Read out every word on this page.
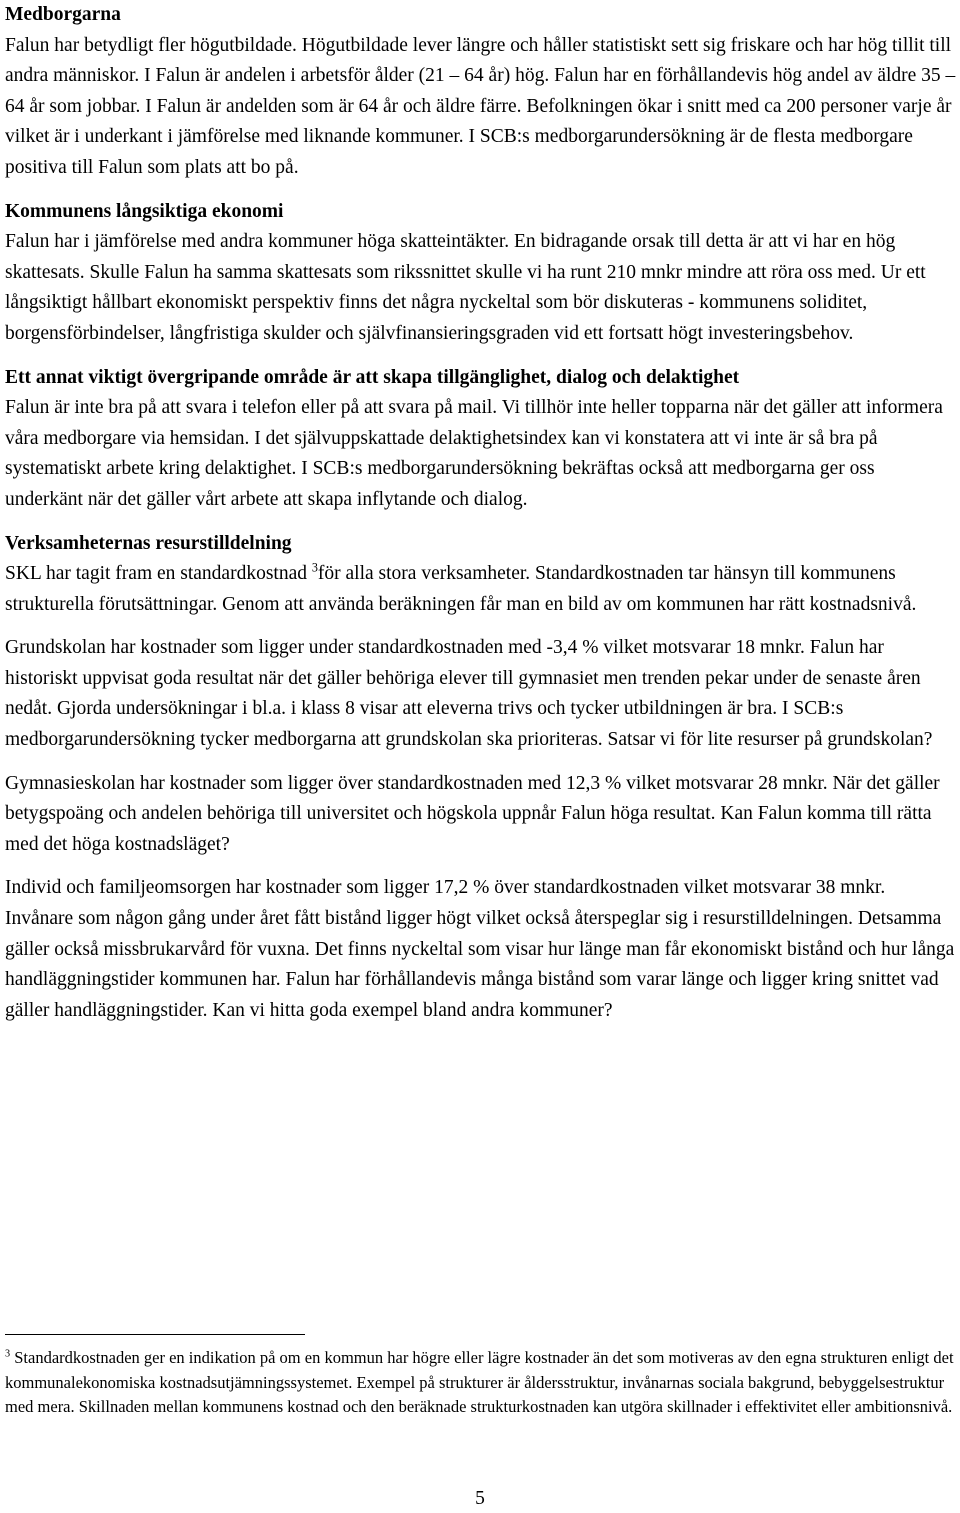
Medborgarna
Falun har betydligt fler högutbildade. Högutbildade lever längre och håller statistiskt sett sig friskare och har hög tillit till andra människor. I Falun är andelen i arbetsför ålder (21 – 64 år) hög. Falun har en förhållandevis hög andel av äldre 35 – 64 år som jobbar. I Falun är andelden som är 64 år och äldre färre. Befolkningen ökar i snitt med ca 200 personer varje år vilket är i underkant i jämförelse med liknande kommuner. I SCB:s medborgarundersökning är de flesta medborgare positiva till Falun som plats att bo på.
Kommunens långsiktiga ekonomi
Falun har i jämförelse med andra kommuner höga skatteintäkter. En bidragande orsak till detta är att vi har en hög skattesats. Skulle Falun ha samma skattesats som rikssnittet skulle vi ha runt 210 mnkr mindre att röra oss med. Ur ett långsiktigt hållbart ekonomiskt perspektiv finns det några nyckeltal som bör diskuteras - kommunens soliditet, borgensförbindelser, långfristiga skulder och självfinansieringsgraden vid ett fortsatt högt investeringsbehov.
Ett annat viktigt övergripande område är att skapa tillgänglighet, dialog och delaktighet
Falun är inte bra på att svara i telefon eller på att svara på mail. Vi tillhör inte heller topparna när det gäller att informera våra medborgare via hemsidan. I det självuppskattade delaktighetsindex kan vi konstatera att vi inte är så bra på systematiskt arbete kring delaktighet. I SCB:s medborgarundersökning bekräftas också att medborgarna ger oss underkänt när det gäller vårt arbete att skapa inflytande och dialog.
Verksamheternas resurstilldelning
SKL har tagit fram en standardkostnad $^3$för alla stora verksamheter. Standardkostnaden tar hänsyn till kommunens strukturella förutsättningar. Genom att använda beräkningen får man en bild av om kommunen har rätt kostnadsnivå.
Grundskolan har kostnader som ligger under standardkostnaden med -3,4 % vilket motsvarar 18 mnkr. Falun har historiskt uppvisat goda resultat när det gäller behöriga elever till gymnasiet men trenden pekar under de senaste åren nedåt. Gjorda undersökningar i bl.a. i klass 8 visar att eleverna trivs och tycker utbildningen är bra. I SCB:s medborgarundersökning tycker medborgarna att grundskolan ska prioriteras. Satsar vi för lite resurser på grundskolan?
Gymnasieskolan har kostnader som ligger över standardkostnaden med 12,3 % vilket motsvarar 28 mnkr. När det gäller betygspoäng och andelen behöriga till universitet och högskola uppnår Falun höga resultat. Kan Falun komma till rätta med det höga kostnadsläget?
Individ och familjeomsorgen har kostnader som ligger 17,2 % över standardkostnaden vilket motsvarar 38 mnkr. Invånare som någon gång under året fått bistånd ligger högt vilket också återspeglar sig i resurstilldelningen. Detsamma gäller också missbrukarvård för vuxna. Det finns nyckeltal som visar hur länge man får ekonomiskt bistånd och hur långa handläggningstider kommunen har. Falun har förhållandevis många bistånd som varar länge och ligger kring snittet vad gäller handläggningstider. Kan vi hitta goda exempel bland andra kommuner?
$^3$ Standardkostnaden ger en indikation på om en kommun har högre eller lägre kostnader än det som motiveras av den egna strukturen enligt det kommunalekonomiska kostnadsutjämningssystemet. Exempel på strukturer är åldersstruktur, invånarnas sociala bakgrund, bebyggelsestruktur med mera. Skillnaden mellan kommunens kostnad och den beräknade strukturkostnaden kan utgöra skillnader i effektivitet eller ambitionsnivå.
5
